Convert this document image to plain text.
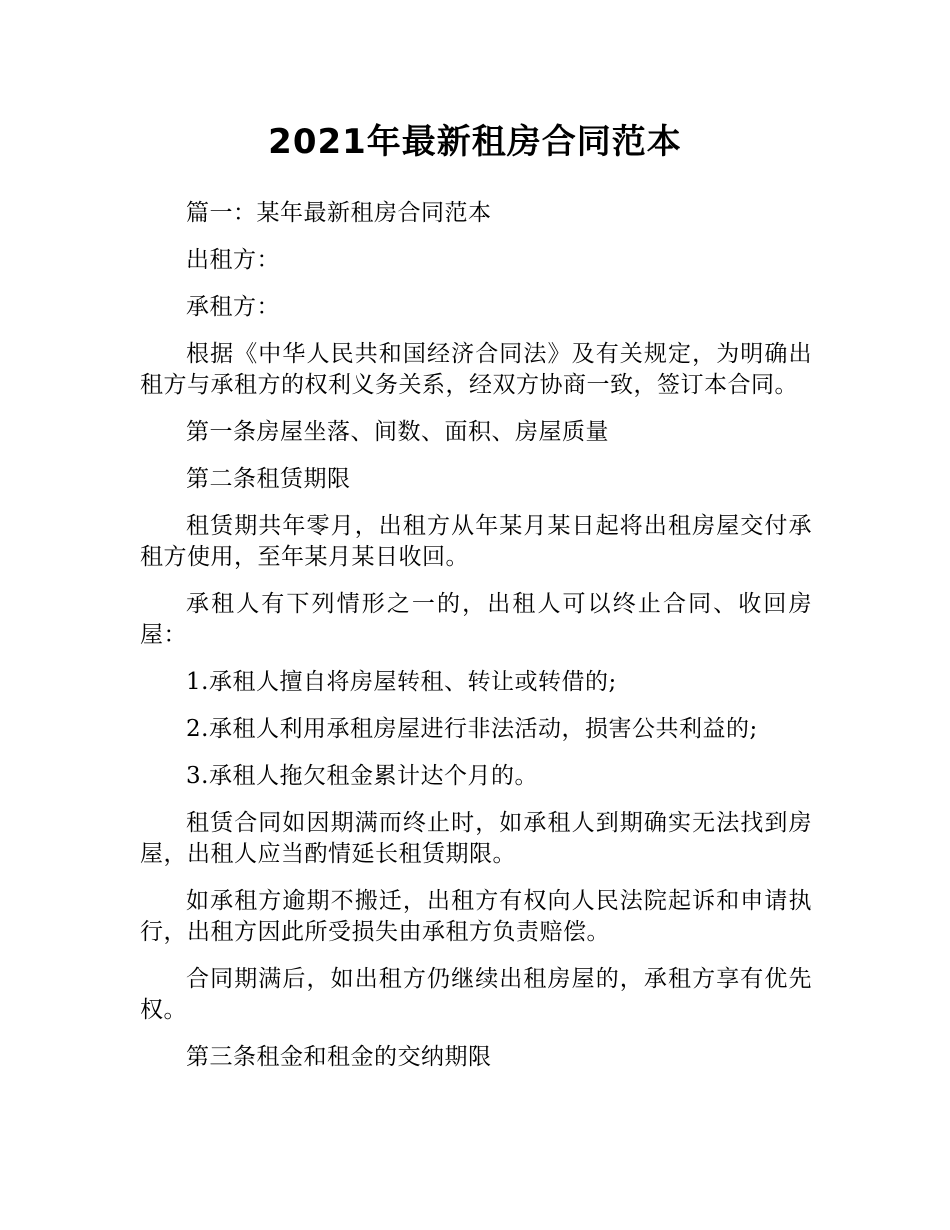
2021年最新租房合同范本

篇一：某年最新租房合同范本

出租方：

承租方：

根据《中华人民共和国经济合同法》及有关规定，为明确出租方与承租方的权利义务关系，经双方协商一致，签订本合同。

第一条房屋坐落、间数、面积、房屋质量

第二条租赁期限

租赁期共年零月，出租方从年某月某日起将出租房屋交付承租方使用，至年某月某日收回。

承租人有下列情形之一的，出租人可以终止合同、收回房屋：

1.承租人擅自将房屋转租、转让或转借的;

2.承租人利用承租房屋进行非法活动，损害公共利益的;

3.承租人拖欠租金累计达个月的。

租赁合同如因期满而终止时，如承租人到期确实无法找到房屋，出租人应当酌情延长租赁期限。

如承租方逾期不搬迁，出租方有权向人民法院起诉和申请执行，出租方因此所受损失由承租方负责赔偿。

合同期满后，如出租方仍继续出租房屋的，承租方享有优先权。

第三条租金和租金的交纳期限
